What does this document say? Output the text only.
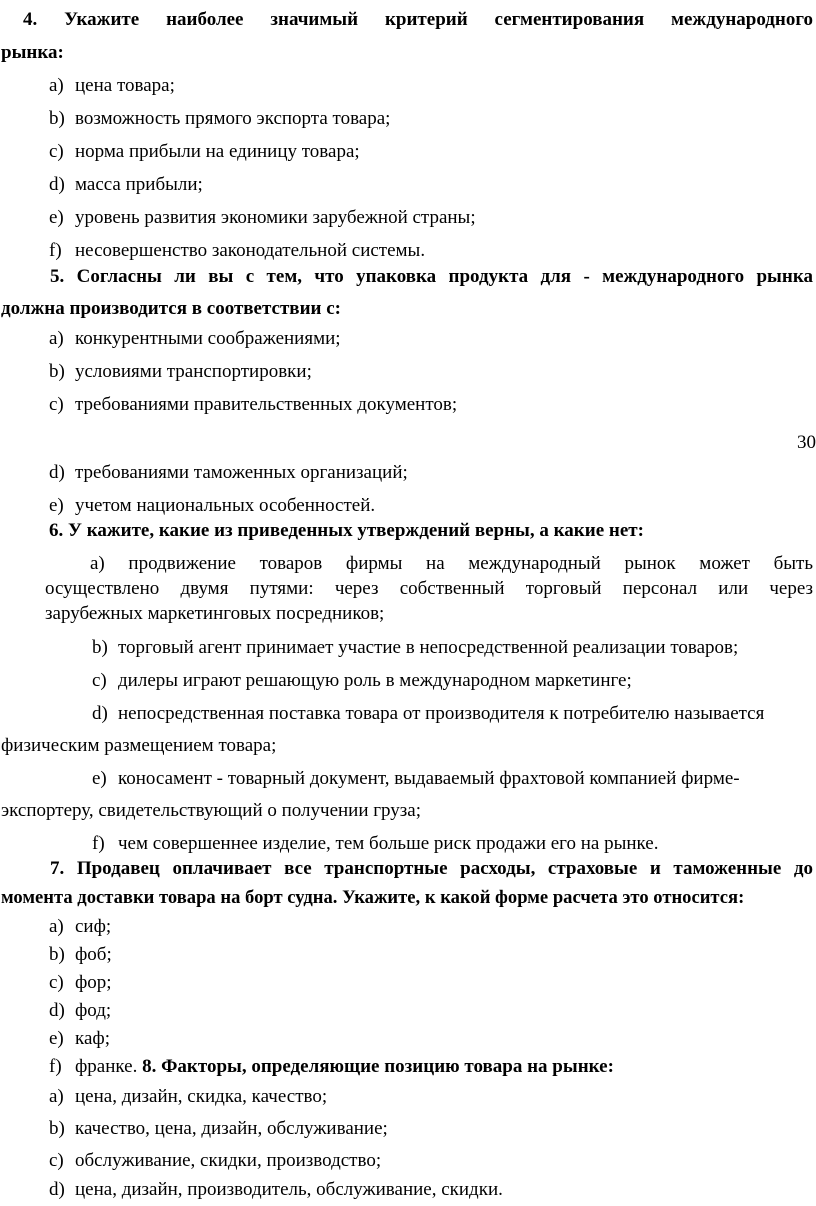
4. Укажите наиболее значимый критерий сегментирования международного
рынка:
а) цена товара;
b) возможность прямого экспорта товара;
c) норма прибыли на единицу товара;
d) масса прибыли;
e) уровень развития экономики зарубежной страны;
f) несовершенство законодательной системы.
5. Согласны ли вы с тем, что упаковка продукта для - международного рынка
должна производится в соответствии с:
а) конкурентными соображениями;
b) условиями транспортировки;
c) требованиями правительственных документов;
30
d) требованиями таможенных организаций;
e) учетом национальных особенностей.
6. У кажите, какие из приведенных утверждений верны, а какие нет:
а) продвижение товаров фирмы на международный рынок может быть
осуществлено двумя путями: через собственный торговый персонал или через
зарубежных маркетинговых посредников;
b) торговый агент принимает участие в непосредственной реализации товаров;
c) дилеры играют решающую роль в международном маркетинге;
d) непосредственная поставка товара от производителя к потребителю называется
физическим размещением товара;
e) коносамент - товарный документ, выдаваемый фрахтовой компанией фирме-
экспортеру, свидетельствующий о получении груза;
f) чем совершеннее изделие, тем больше риск продажи его на рынке.
7. Продавец оплачивает все транспортные расходы, страховые и таможенные до
момента доставки товара на борт судна. Укажите, к какой форме расчета это относится:
а) сиф;
b) фоб;
c) фор;
d) фод;
e) каф;
f) франке. 8. Факторы, определяющие позицию товара на рынке:
а) цена, дизайн, скидка, качество;
b) качество, цена, дизайн, обслуживание;
c) обслуживание, скидки, производство;
d) цена, дизайн, производитель, обслуживание, скидки.
